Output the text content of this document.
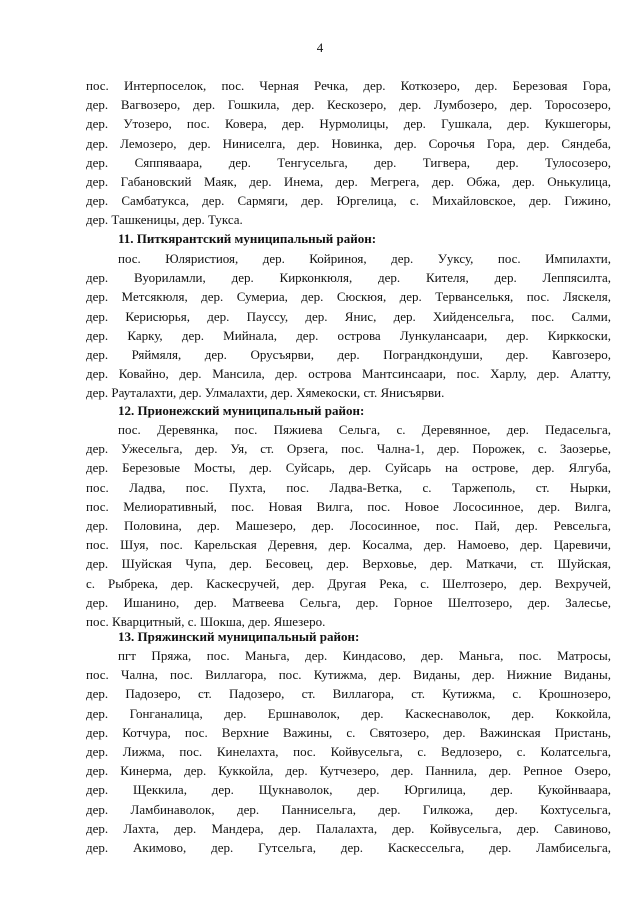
4
пос. Интерпоселок, пос. Черная Речка, дер. Коткозеро, дер. Березовая Гора,
дер. Вагвозеро, дер. Гошкила, дер. Кескозеро, дер. Лумбозеро, дер. Торосозеро,
дер. Утозеро, пос. Ковера, дер. Нурмолицы, дер. Гушкала, дер. Кукшегоры,
дер. Лемозеро, дер. Ниниселга, дер. Новинка, дер. Сорочья Гора, дер. Сяндеба,
дер. Сяппявaара, дер. Тенгусельга, дер. Тигвера, дер. Тулосозеро,
дер. Габановский Маяк, дер. Инема, дер. Мегрега, дер. Обжа, дер. Онькулица,
дер. Самбатукса, дер. Сармяги, дер. Юргелица, с. Михайловское, дер. Гижино,
дер. Ташкеницы, дер. Тукса.
11. Питкярантский муниципальный район:
пос. Юляристиоя, дер. Койриноя, дер. Ууксу, пос. Импилахти,
дер. Вуориламли, дер. Кирконкюля, дер. Кителя, дер. Леппясилта,
дер. Метсякюля, дер. Сумериа, дер. Сюскюя, дер. Терванселькя, пос. Ляскеля,
дер. Керисюрья, дер. Паyссу, дер. Янис, дер. Хийденсельга, пос. Салми,
дер. Карку, дер. Мийнала, дер. острова Лункулансаари, дер. Кирккоски,
дер. Ряймяля, дер. Орусъярви, дер. Пограндкондуши, дер. Кавгозеро,
дер. Ковайно, дер. Мансила, дер. острова Мантсинсаари, пос. Харлу, дер. Алатту,
дер. Рауталахти, дер. Улмалахти, дер. Хямекоски, ст. Янисъярви.
12. Прионежский муниципальный район:
пос. Деревянка, пос. Пяжиева Сельга, с. Деревянное, дер. Педасельга,
дер. Ужесельга, дер. Уя, ст. Орзега, пос. Чална-1, дер. Порожек, с. Заозерье,
дер. Березовые Мосты, дер. Суйсарь, дер. Суйсарь на острове, дер. Ялгуба,
пос. Ладва, пос. Пухта, пос. Ладва-Ветка, с. Таржеполь, ст. Нырки,
пос. Мелиоративный, пос. Новая Вилга, пос. Новое Лососинное, дер. Вилга,
дер. Половина, дер. Машезеро, дер. Лососинное, пос. Пай, дер. Ревсельга,
пос. Шуя, пос. Карельская Деревня, дер. Косалма, дер. Намоево, дер. Царевичи,
дер. Шуйская Чупа, дер. Бесовец, дер. Верховье, дер. Маткачи, ст. Шуйская,
с. Рыбрека, дер. Каскесручей, дер. Другая Река, с. Шелтозеро, дер. Вехручей,
дер. Ишанино, дер. Матвеева Сельга, дер. Горное Шелтозеро, дер. Залесье,
пос. Кварцитный, с. Шокша, дер. Яшезеро.
13. Пряжинский муниципальный район:
пгт Пряжа, пос. Маньга, дер. Киндасово, дер. Маньга, пос. Матросы,
пос. Чална, пос. Виллагора, пос. Кутижма, дер. Виданы, дер. Нижние Виданы,
дер. Падозеро, ст. Падозеро, ст. Виллагора, ст. Кутижма, с. Крошнозеро,
дер. Гонганалица, дер. Ершнаволок, дер. Каскеснаволок, дер. Коккойла,
дер. Котчура, пос. Верхние Важины, с. Святозеро, дер. Важинская Пристань,
дер. Лижма, пос. Кинелахта, пос. Койвусельга, с. Ведлозеро, с. Колатсельга,
дер. Кинерма, дер. Куккойла, дер. Кутчезеро, дер. Паннила, дер. Репное Озеро,
дер. Щеккила, дер. Щукнаволок, дер. Юргилица, дер. Кукойнваара,
дер. Ламбинаволок, дер. Паннисельга, дер. Гилкожа, дер. Кохтусельга,
дер. Лахта, дер. Мандера, дер. Палалахта, дер. Койвусельга, дер. Савиново,
дер. Акимово, дер. Гутсельга, дер. Каскессельга, дер. Ламбисельга,
